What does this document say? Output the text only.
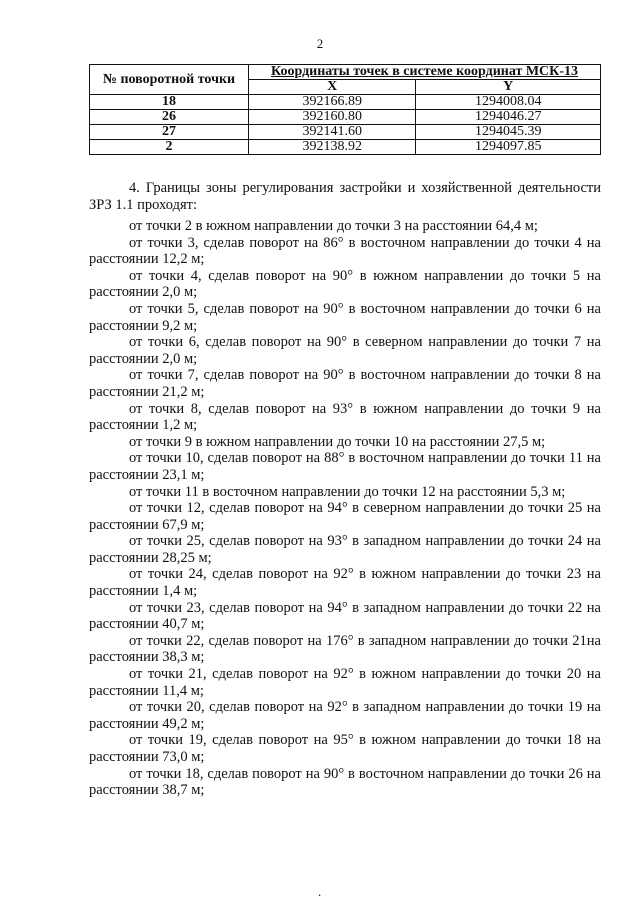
2
№ поворотной точки	Координаты точек в системе координат МСК-13	
	X	Y
18	392166.89	1294008.04
26	392160.80	1294046.27
27	392141.60	1294045.39
2	392138.92	1294097.85

4. Границы зоны регулирования застройки и хозяйственной деятельности ЗРЗ 1.1 проходят:

от точки 2 в южном направлении до точки 3 на расстоянии 64,4 м;

от точки 3, сделав поворот на 86° в восточном направлении до точки 4 на расстоянии 12,2 м;

от точки 4, сделав поворот на 90° в южном направлении до точки 5 на расстоянии 2,0 м;

от точки 5, сделав поворот на 90° в восточном направлении до точки 6 на расстоянии 9,2 м;

от точки 6, сделав поворот на 90° в северном направлении до точки 7 на расстоянии 2,0 м;

от точки 7, сделав поворот на 90° в восточном направлении до точки 8 на расстоянии 21,2 м;

от точки 8, сделав поворот на 93° в южном направлении до точки 9 на расстоянии 1,2 м;

от точки 9 в южном направлении до точки 10 на расстоянии 27,5 м;

от точки 10, сделав поворот на 88° в восточном направлении до точки 11 на расстоянии 23,1 м;

от точки 11 в восточном направлении до точки 12 на расстоянии 5,3 м;

от точки 12, сделав поворот на 94° в северном направлении до точки 25 на расстоянии 67,9 м;

от точки 25, сделав поворот на 93° в западном направлении до точки 24 на расстоянии 28,25 м;

от точки 24, сделав поворот на 92° в южном направлении до точки 23 на расстоянии 1,4 м;

от точки 23, сделав поворот на 94° в западном направлении до точки 22 на расстоянии 40,7 м;

от точки 22, сделав поворот на 176° в западном направлении до точки 21на расстоянии 38,3 м;

от точки 21, сделав поворот на 92° в южном направлении до точки 20 на расстоянии 11,4 м;

от точки 20, сделав поворот на 92° в западном направлении до точки 19 на расстоянии 49,2 м;

от точки 19, сделав поворот на 95° в южном направлении до точки 18 на расстоянии 73,0 м;

от точки 18, сделав поворот на 90° в восточном направлении до точки 26 на расстоянии 38,7 м;

.
